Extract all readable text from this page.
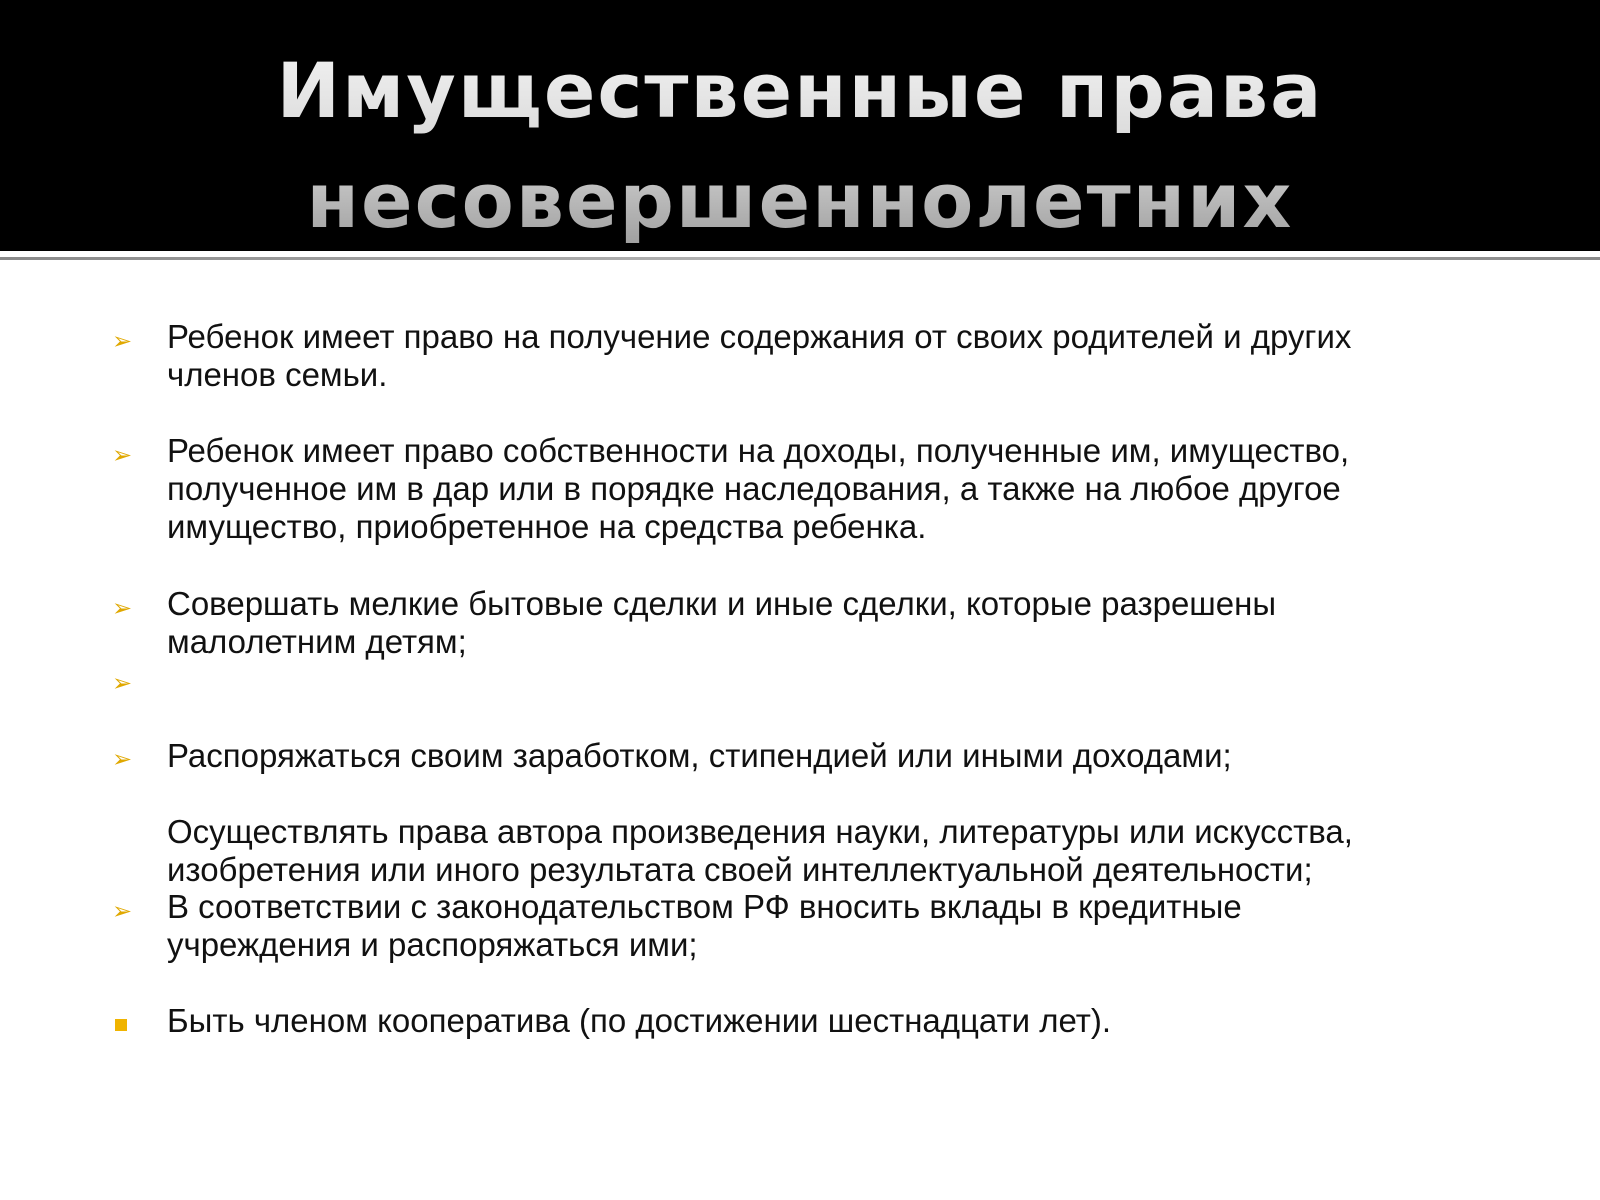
Имущественные права
несовершеннолетних
➢ Ребенок имеет право на получение содержания от своих родителей и других
членов семьи.
➢ Ребенок имеет право собственности на доходы, полученные им, имущество,
полученное им в дар или в порядке наследования, а также на любое другое
имущество, приобретенное на средства ребенка.
➢ Совершать мелкие бытовые сделки и иные сделки, которые разрешены
малолетним детям;
➢
Распоряжаться своим заработком, стипендией или иными доходами;
➢
Осуществлять права автора произведения науки, литературы или искусства,
изобретения или иного результата своей интеллектуальной деятельности;
➢ В соответствии с законодательством РФ вносить вклады в кредитные
учреждения и распоряжаться ими;
Быть членом кооператива (по достижении шестнадцати лет).
